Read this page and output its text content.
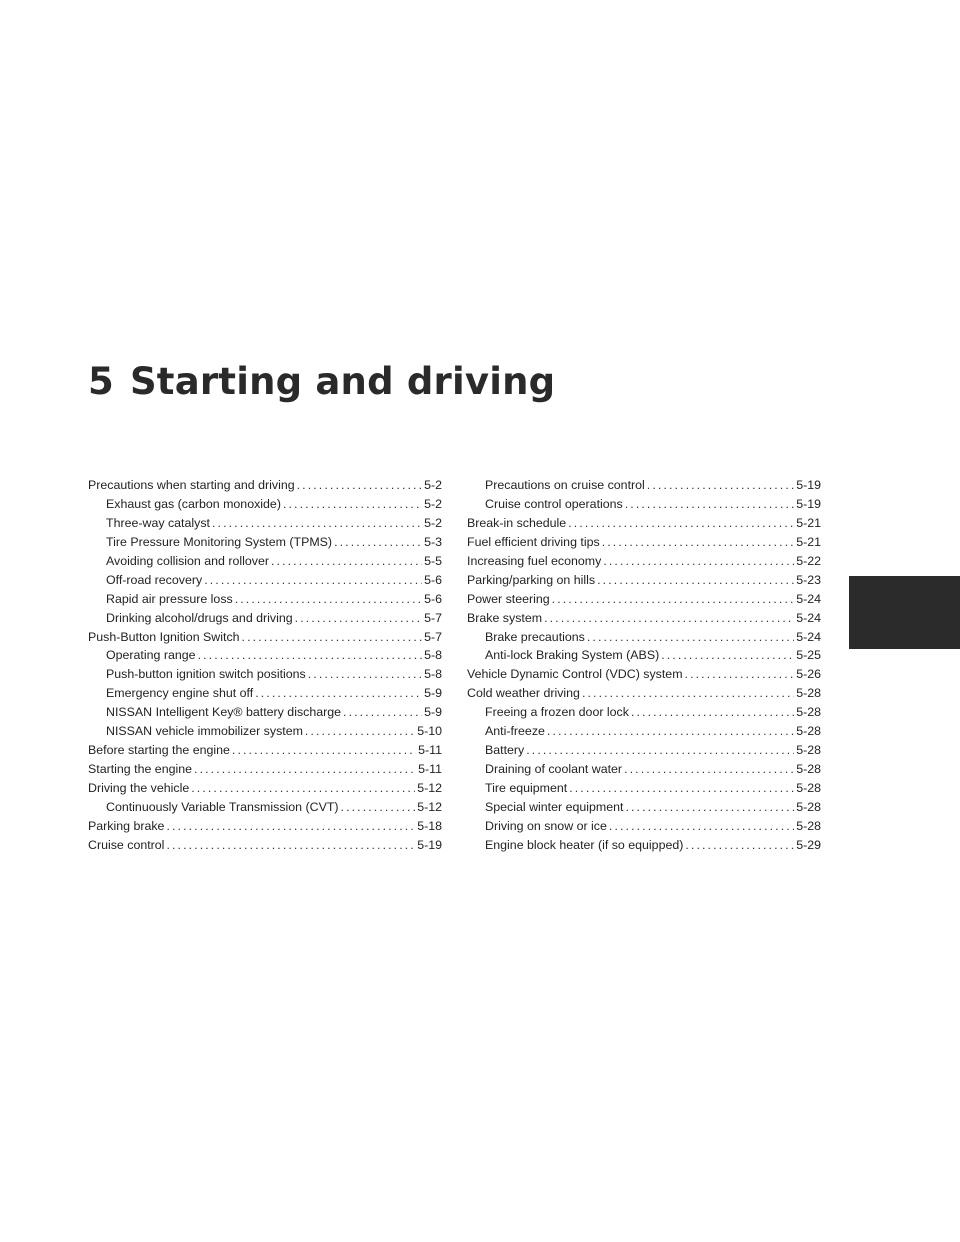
5 Starting and driving
Precautions when starting and driving .....	5-2
Exhaust gas (carbon monoxide) .....	5-2
Three-way catalyst .....	5-2
Tire Pressure Monitoring System (TPMS) .....	5-3
Avoiding collision and rollover .....	5-5
Off-road recovery .....	5-6
Rapid air pressure loss .....	5-6
Drinking alcohol/drugs and driving .....	5-7
Push-Button Ignition Switch .....	5-7
Operating range .....	5-8
Push-button ignition switch positions .....	5-8
Emergency engine shut off .....	5-9
NISSAN Intelligent Key® battery discharge .....	5-9
NISSAN vehicle immobilizer system .....	5-10
Before starting the engine .....	5-11
Starting the engine .....	5-11
Driving the vehicle .....	5-12
Continuously Variable Transmission (CVT) .....	5-12
Parking brake .....	5-18
Cruise control .....	5-19
Precautions on cruise control .....	5-19
Cruise control operations .....	5-19
Break-in schedule .....	5-21
Fuel efficient driving tips .....	5-21
Increasing fuel economy .....	5-22
Parking/parking on hills .....	5-23
Power steering .....	5-24
Brake system .....	5-24
Brake precautions .....	5-24
Anti-lock Braking System (ABS) .....	5-25
Vehicle Dynamic Control (VDC) system .....	5-26
Cold weather driving .....	5-28
Freeing a frozen door lock .....	5-28
Anti-freeze .....	5-28
Battery .....	5-28
Draining of coolant water .....	5-28
Tire equipment .....	5-28
Special winter equipment .....	5-28
Driving on snow or ice .....	5-28
Engine block heater (if so equipped) .....	5-29
